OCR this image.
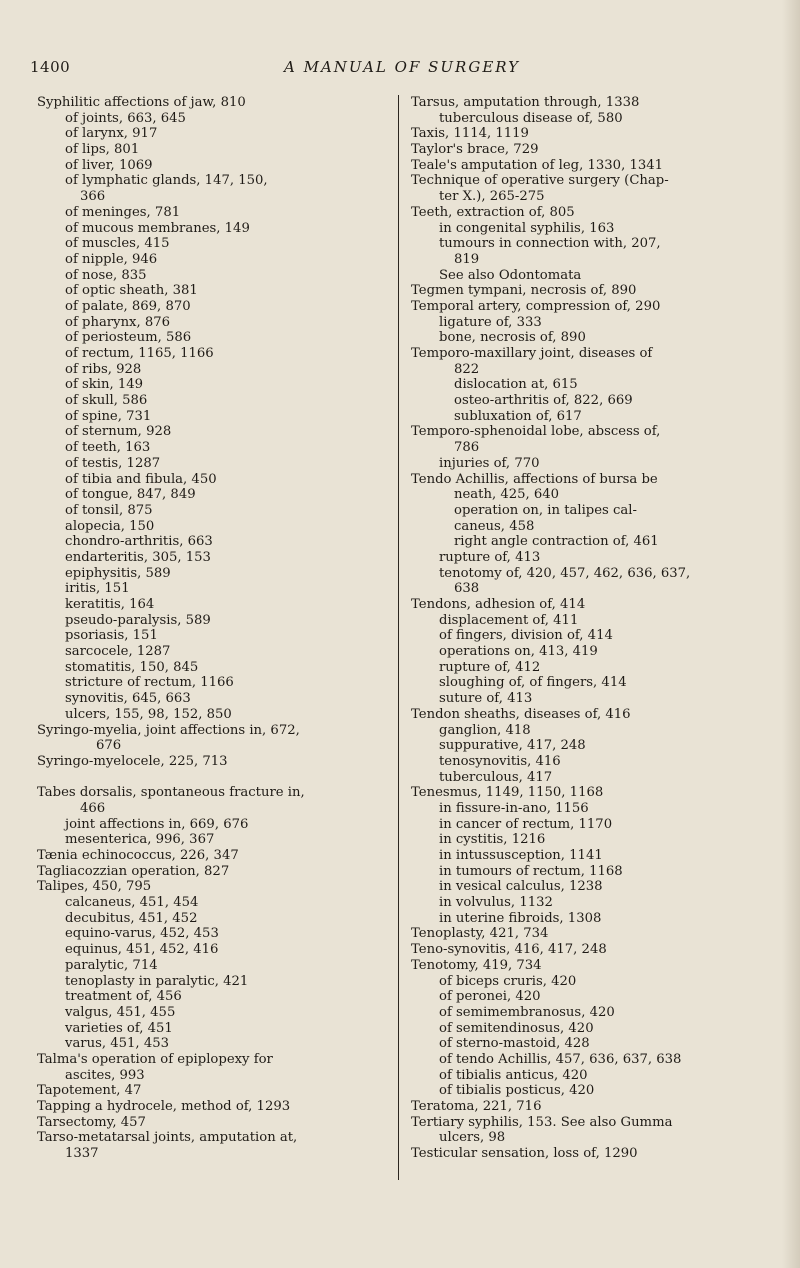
1400	A MANUAL OF SURGERY
Syphilitic affections of jaw, 810
of joints, 663, 645
of larynx, 917
of lips, 801
of liver, 1069
of lymphatic glands, 147, 150,
366
of meninges, 781
of mucous membranes, 149
of muscles, 415
of nipple, 946
of nose, 835
of optic sheath, 381
of palate, 869, 870
of pharynx, 876
of periosteum, 586
of rectum, 1165, 1166
of ribs, 928
of skin, 149
of skull, 586
of spine, 731
of sternum, 928
of teeth, 163
of testis, 1287
of tibia and fibula, 450
of tongue, 847, 849
of tonsil, 875
alopecia, 150
chondro-arthritis, 663
endarteritis, 305, 153
epiphysitis, 589
iritis, 151
keratitis, 164
pseudo-paralysis, 589
psoriasis, 151
sarcocele, 1287
stomatitis, 150, 845
stricture of rectum, 1166
synovitis, 645, 663
ulcers, 155, 98, 152, 850
Syringo-myelia, joint affections in, 672,
676
Syringo-myelocele, 225, 713
Tabes dorsalis, spontaneous fracture in,
466
joint affections in, 669, 676
mesenterica, 996, 367
Tænia echinococcus, 226, 347
Tagliacozzian operation, 827
Talipes, 450, 795
calcaneus, 451, 454
decubitus, 451, 452
equino-varus, 452, 453
equinus, 451, 452, 416
paralytic, 714
tenoplasty in paralytic, 421
treatment of, 456
valgus, 451, 455
varieties of, 451
varus, 451, 453
Talma's operation of epiplopexy for
ascites, 993
Tapotement, 47
Tapping a hydrocele, method of, 1293
Tarsectomy, 457
Tarso-metatarsal joints, amputation at,
1337
Tarsus, amputation through, 1338
tuberculous disease of, 580
Taxis, 1114, 1119
Taylor's brace, 729
Teale's amputation of leg, 1330, 1341
Technique of operative surgery (Chap-
ter X.), 265-275
Teeth, extraction of, 805
in congenital syphilis, 163
tumours in connection with, 207,
819
See also Odontomata
Tegmen tympani, necrosis of, 890
Temporal artery, compression of, 290
ligature of, 333
bone, necrosis of, 890
Temporo-maxillary joint, diseases of
822
dislocation at, 615
osteo-arthritis of, 822, 669
subluxation of, 617
Temporo-sphenoidal lobe, abscess of,
786
injuries of, 770
Tendo Achillis, affections of bursa be
neath, 425, 640
operation on, in talipes cal-
caneus, 458
right angle contraction of, 461
rupture of, 413
tenotomy of, 420, 457, 462, 636, 637,
638
Tendons, adhesion of, 414
displacement of, 411
of fingers, division of, 414
operations on, 413, 419
rupture of, 412
sloughing of, of fingers, 414
suture of, 413
Tendon sheaths, diseases of, 416
ganglion, 418
suppurative, 417, 248
tenosynovitis, 416
tuberculous, 417
Tenesmus, 1149, 1150, 1168
in fissure-in-ano, 1156
in cancer of rectum, 1170
in cystitis, 1216
in intussusception, 1141
in tumours of rectum, 1168
in vesical calculus, 1238
in volvulus, 1132
in uterine fibroids, 1308
Tenoplasty, 421, 734
Teno-synovitis, 416, 417, 248
Tenotomy, 419, 734
of biceps cruris, 420
of peronei, 420
of semimembranosus, 420
of semitendinosus, 420
of sterno-mastoid, 428
of tendo Achillis, 457, 636, 637, 638
of tibialis anticus, 420
of tibialis posticus, 420
Teratoma, 221, 716
Tertiary syphilis, 153. See also Gumma
ulcers, 98
Testicular sensation, loss of, 1290
